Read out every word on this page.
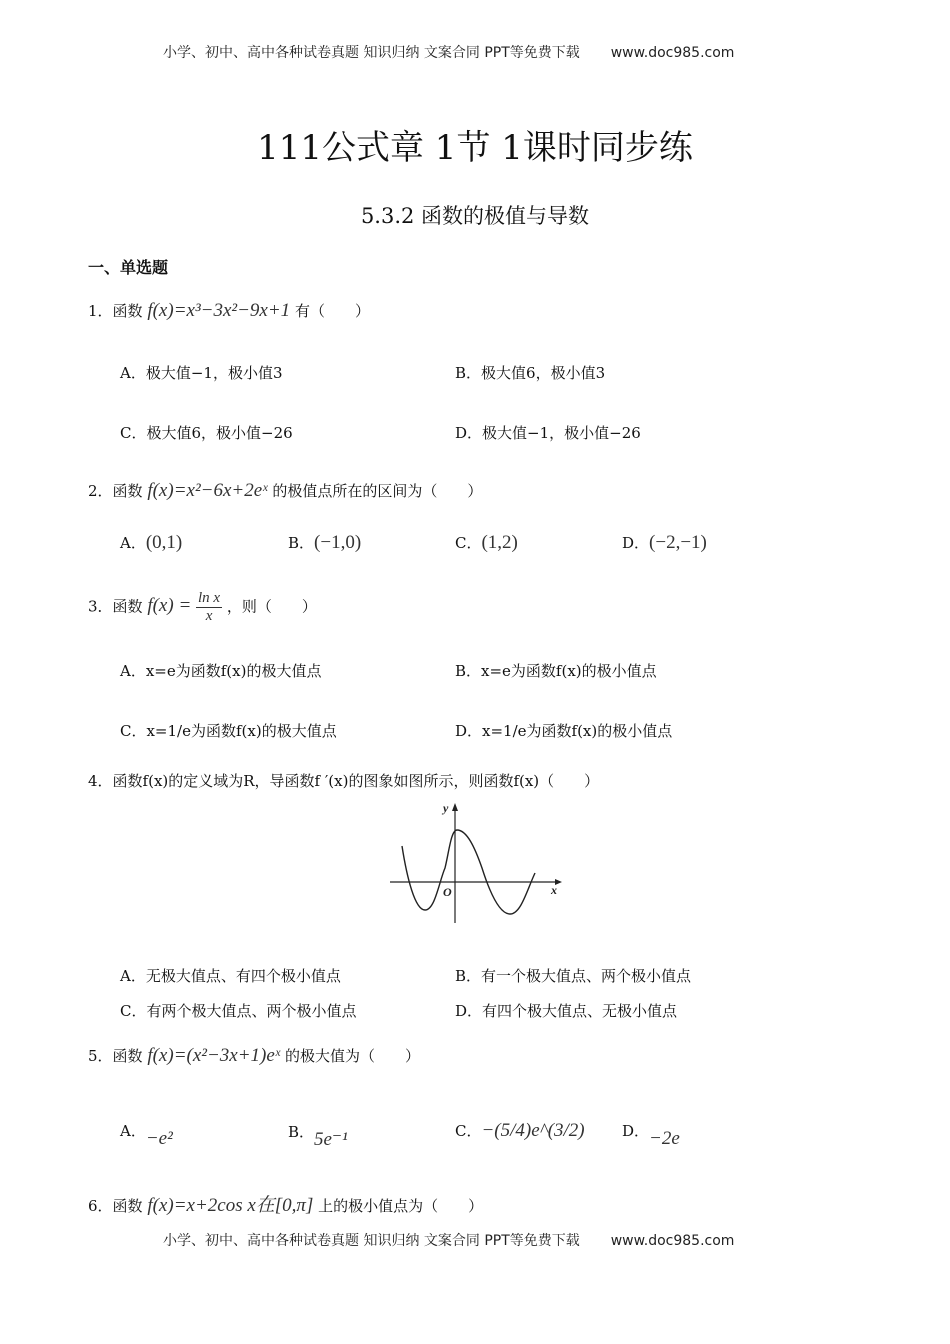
小学、初中、高中各种试卷真题 知识归纳 文案合同 PPT等免费下载 www.doc985.com
111公式章 1节 1课时同步练
5.3.2 函数的极值与导数
一、单选题
1．函数 f(x)=x³−3x²−9x+1 有（　　）
A．极大值−1，极小值3	B．极大值6，极小值3
C．极大值6，极小值−26	D．极大值−1，极小值−26
2．函数 f(x)=x²−6x+2eˣ 的极值点所在的区间为（　　）
A．(0,1)	B．(−1,0)	C．(1,2)	D．(−2,−1)
3．函数 $f(x) = \frac{\text{ln x}}{x}$ ，则（　　）
A．x=e为函数f(x)的极大值点	B．x=e为函数f(x)的极小值点
C．x=1/e为函数f(x)的极大值点	D．x=1/e为函数f(x)的极小值点
4．函数f(x)的定义域为R，导函数f ′(x)的图象如图所示，则函数f(x)（　　）
y
x
O
A．无极大值点、有四个极小值点	B．有一个极大值点、两个极小值点
C．有两个极大值点、两个极小值点	D．有四个极大值点、无极小值点
5．函数 f(x)=(x²−3x+1)eˣ 的极大值为（　　）
A．−e²	B．5e⁻¹	C．−(5/4)e^(3/2) D．−2e
6．函数 f(x)=x+2cos x在[0,π] 上的极小值点为（　　）
小学、初中、高中各种试卷真题 知识归纳 文案合同 PPT等免费下载 www.doc985.com
